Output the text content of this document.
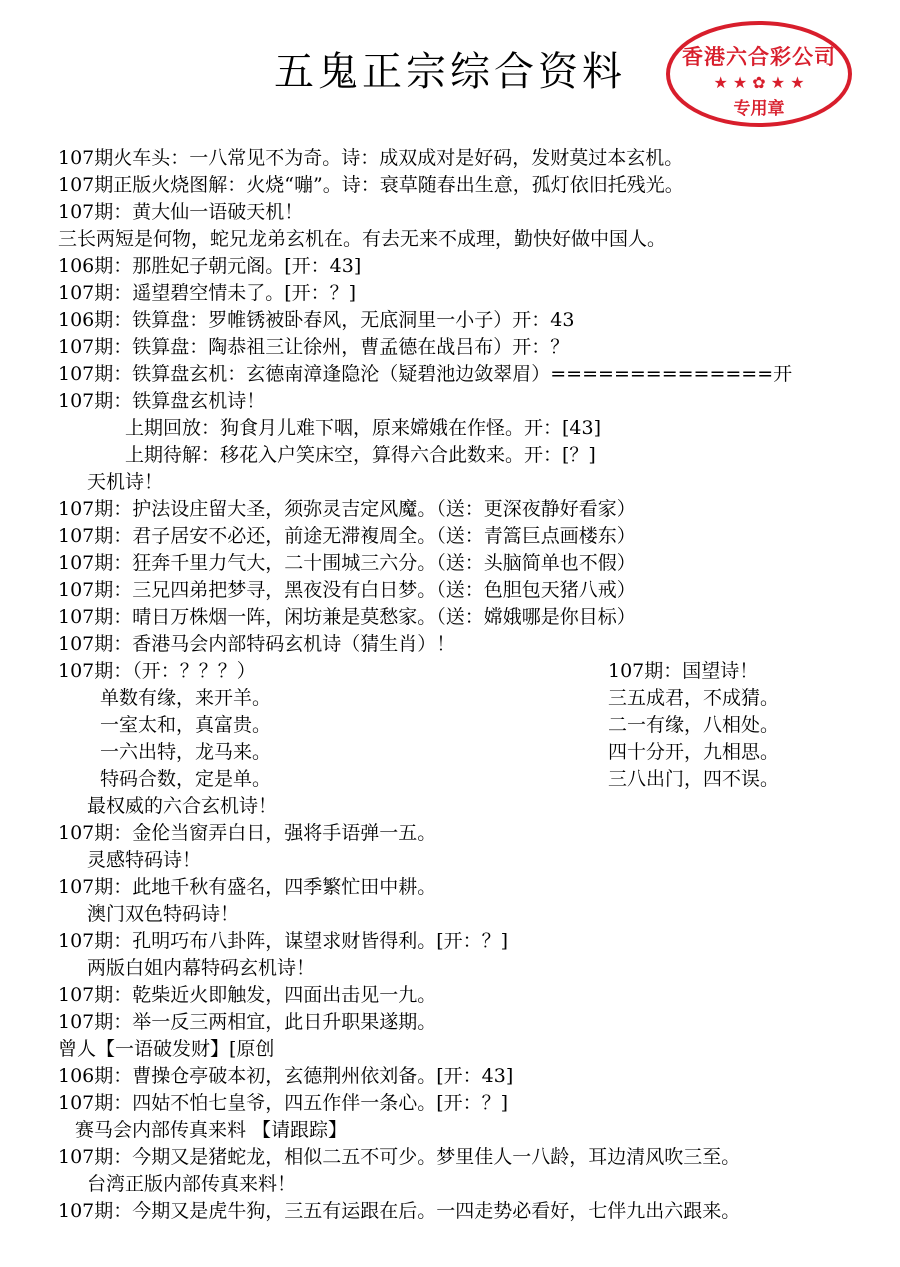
五鬼正宗综合资料	香港六合彩公司
★ ★ ✿ ★ ★
专用章
107期火车头：一八常见不为奇。诗：成双成对是好码，发财莫过本玄机。
107期正版火烧图解：火烧“嘣”。诗：衰草随春出生意，孤灯依旧托残光。
107期：黄大仙一语破天机！
三长两短是何物，蛇兄龙弟玄机在。有去无来不成理，勤快好做中国人。
106期：那胜妃子朝元阁。[开：43]
107期：遥望碧空情未了。[开：？]
106期：铁算盘：罗帷锈被卧春风，无底洞里一小子）开：43
107期：铁算盘：陶恭祖三让徐州，曹孟德在战吕布）开：？
107期：铁算盘玄机：玄德南漳逢隐沦（疑碧池边敛翠眉）==============开
107期：铁算盘玄机诗！
上期回放：狗食月儿难下咽，原来嫦娥在作怪。开：[43]
上期待解：移花入户笑床空，算得六合此数来。开：[？]
天机诗！
107期：护法设庄留大圣，须弥灵吉定风魔。（送：更深夜静好看家）
107期：君子居安不必还，前途无滞複周全。（送：青篙巨点画楼东）
107期：狂奔千里力气大，二十围城三六分。（送：头脑简单也不假）
107期：三兄四弟把梦寻，黑夜没有白日梦。（送：色胆包天猪八戒）
107期：晴日万株烟一阵，闲坊兼是莫愁家。（送：嫦娥哪是你目标）
107期：香港马会内部特码玄机诗（猜生肖）！
107期：（开：？？？）
单数有缘，来开羊。
一室太和，真富贵。
一六出特，龙马来。
特码合数，定是单。
最权威的六合玄机诗！
107期：金伦当窗弄白日，强将手语弹一五。
灵感特码诗！
107期：此地千秋有盛名，四季繁忙田中耕。
澳门双色特码诗！
107期：孔明巧布八卦阵，谋望求财皆得利。[开：？]
两版白姐内幕特码玄机诗！
107期：乾柴近火即触发，四面出击见一九。
107期：举一反三两相宜，此日升职果遂期。
曾人【一语破发财】[原创
106期：曹操仓亭破本初，玄德荆州依刘备。[开：43]
107期：四姑不怕七皇爷，四五作伴一条心。[开：？]
赛马会内部传真来料 【请跟踪】
107期：今期又是猪蛇龙，相似二五不可少。梦里佳人一八龄，耳边清风吹三至。
台湾正版内部传真来料！
107期：今期又是虎牛狗，三五有运跟在后。一四走势必看好，七伴九出六跟来。
107期：国望诗！
三五成君，不成猜。
二一有缘，八相处。
四十分开，九相思。
三八出门，四不误。
